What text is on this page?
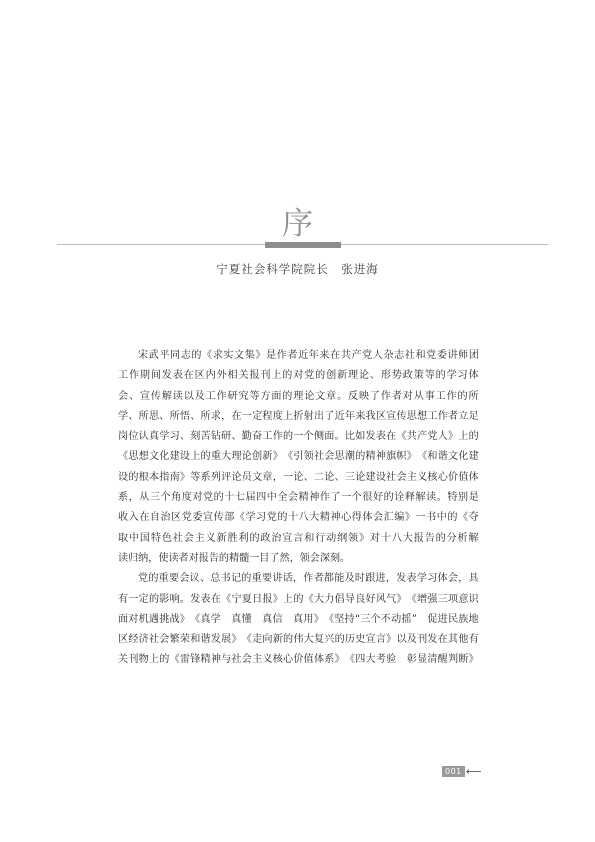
序
宁夏社会科学院院长　张进海
宋 武 平 同 志 的 《 求 实 文 集 》 是 作 者 近 年 来 在 共 产 党 人 杂 志 社 和 党 委 讲 师 团
工 作 期 间 发 表 在 区 内 外 相 关 报 刊 上 的 对 党 的 创 新 理 论 、 形 势 政 策 等 的 学 习 体
会 、 宣 传 解 读 以 及 工 作 研 究 等 方 面 的 理 论 文 章 。 反 映 了 作 者 对 从 事 工 作 的 所
学 、 所 思 、 所 悟 、 所 求 ， 在 一 定 程 度 上 折 射 出 了 近 年 来 我 区 宣 传 思 想 工 作 者 立 足
岗 位 认 真 学 习 、 刻 苦 钻 研 、 勤 奋 工 作 的 一 个 侧 面 。 比 如 发 表 在 《 共 产 党 人 》 上 的
《 思 想 文 化 建 设 上 的 重 大 理 论 创 新 》 《 引 领 社 会 思 潮 的 精 神 旗 帜 》 《 和 谐 文 化 建
设 的 根 本 指 南 》 等 系 列 评 论 员 文 章 ， 一 论 、 二 论 、 三 论 建 设 社 会 主 义 核 心 价 值 体
系 ， 从 三 个 角 度 对 党 的 十 七 届 四 中 全 会 精 神 作 了 一 个 很 好 的 诠 释 解 读 。 特 别 是
收 入 在 自 治 区 党 委 宣 传 部 《 学 习 党 的 十 八 大 精 神 心 得 体 会 汇 编 》 一 书 中 的 《 夺
取 中 国 特 色 社 会 主 义 新 胜 利 的 政 治 宣 言 和 行 动 纲 领 》 对 十 八 大 报 告 的 分 析 解
读归纳，使读者对报告的精髓一目了然，领会深刻。
党 的 重 要 会 议 、 总 书 记 的 重 要 讲 话 ， 作 者 都 能 及 时 跟 进 ， 发 表 学 习 体 会 ， 具
有 一 定 的 影 响 。 发 表 在 《 宁 夏 日 报 》 上 的 《 大 力 倡 导 良 好 风 气 》 《 增 强 三 项 意 识
面 对 机 遇 挑 战 》 《 真 学
　 真 懂
　 真 信
　 真 用 》 《 坚 持 “ 三 个 不 动 摇 ”
　 促 进 民 族 地
区 经 济 社 会 繁 荣 和 谐 发 展 》 《 走 向 新 的 伟 大 复 兴 的 历 史 宣 言 》 以 及 刊 发 在 其 他 有
关 刊 物 上 的 《 雷 锋 精 神 与 社 会 主 义 核 心 价 值 体 系 》 《 四 大 考 验
　 彰 显 清 醒 判 断 》
001 ⟵
